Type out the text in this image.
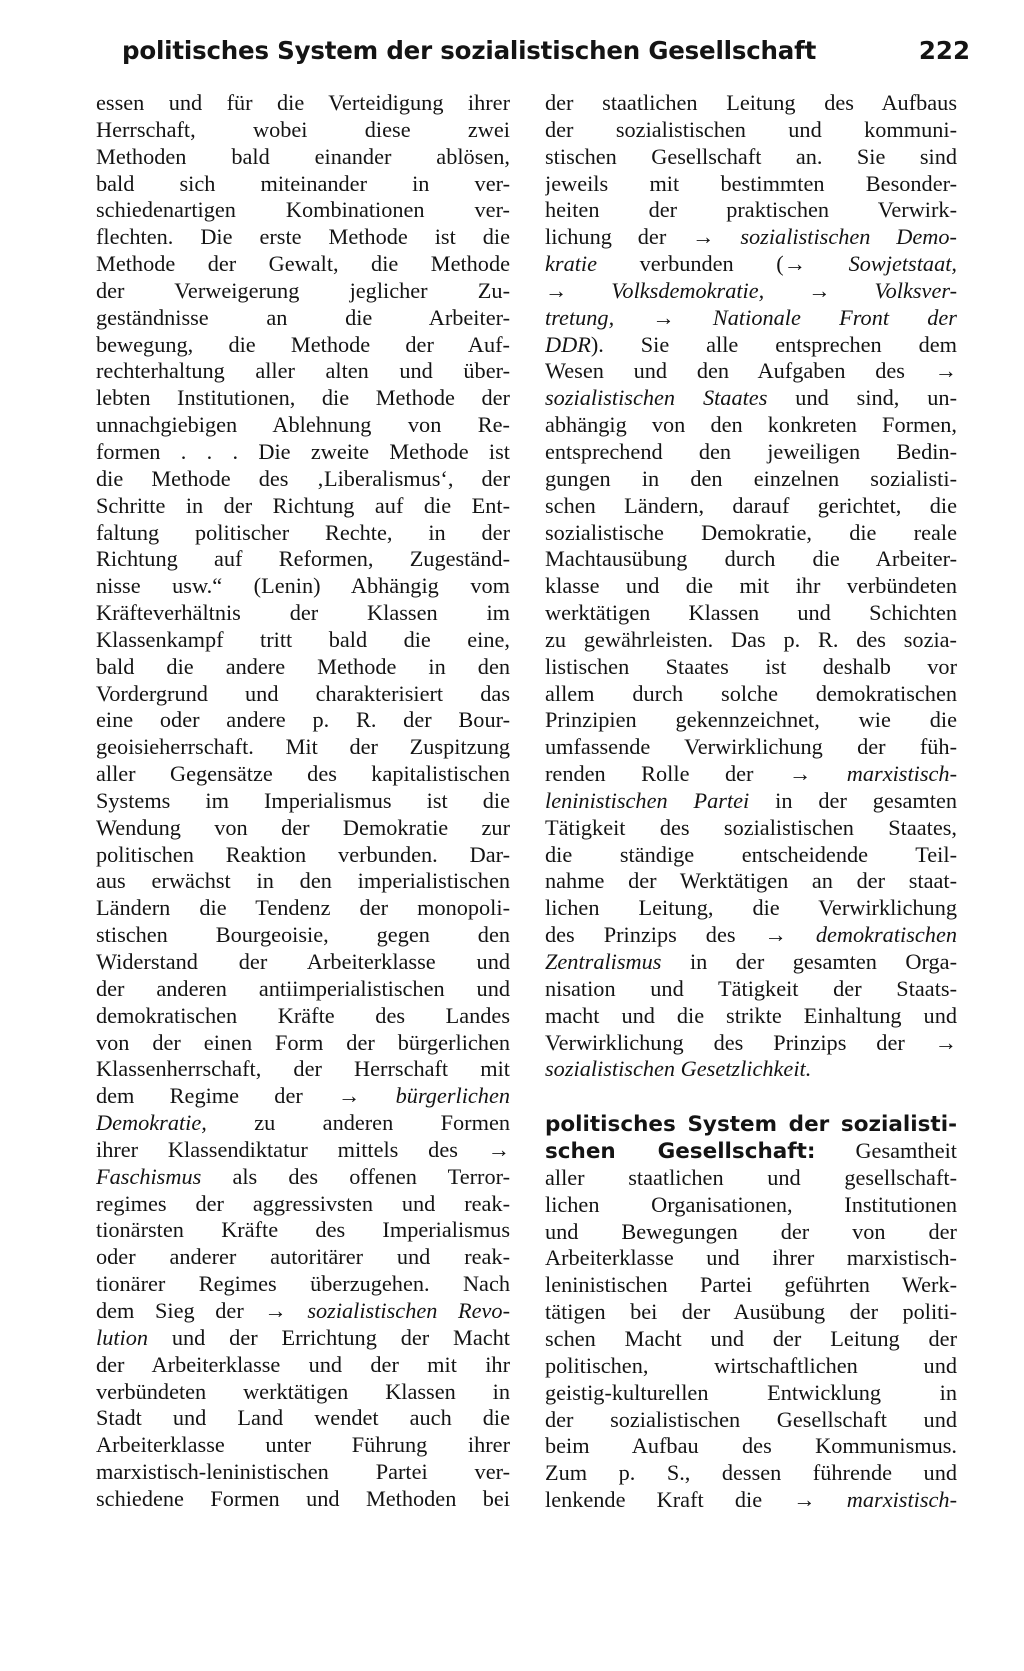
politisches System der sozialistischen Gesellschaft	222
essen und für die Verteidigung ihrer
Herrschaft, wobei diese zwei
Methoden bald einander ablösen,
bald sich miteinander in ver-
schiedenartigen Kombinationen ver-
flechten. Die erste Methode ist die
Methode der Gewalt, die Methode
der Verweigerung jeglicher Zu-
geständnisse an die Arbeiter-
bewegung, die Methode der Auf-
rechterhaltung aller alten und über-
lebten Institutionen, die Methode der
unnachgiebigen Ablehnung von Re-
formen . . . Die zweite Methode ist
die Methode des ‚Liberalismus‘, der
Schritte in der Richtung auf die Ent-
faltung politischer Rechte, in der
Richtung auf Reformen, Zugeständ-
nisse usw.“ (Lenin) Abhängig vom
Kräfteverhältnis der Klassen im
Klassenkampf tritt bald die eine,
bald die andere Methode in den
Vordergrund und charakterisiert das
eine oder andere p. R. der Bour-
geoisieherrschaft. Mit der Zuspitzung
aller Gegensätze des kapitalistischen
Systems im Imperialismus ist die
Wendung von der Demokratie zur
politischen Reaktion verbunden. Dar-
aus erwächst in den imperialistischen
Ländern die Tendenz der monopoli-
stischen Bourgeoisie, gegen den
Widerstand der Arbeiterklasse und
der anderen antiimperialistischen und
demokratischen Kräfte des Landes
von der einen Form der bürgerlichen
Klassenherrschaft, der Herrschaft mit
dem Regime der → bürgerlichen
Demokratie, zu anderen Formen
ihrer Klassendiktatur mittels des →
Faschismus als des offenen Terror-
regimes der aggressivsten und reak-
tionärsten Kräfte des Imperialismus
oder anderer autoritärer und reak-
tionärer Regimes überzugehen. Nach
dem Sieg der → sozialistischen Revo-
lution und der Errichtung der Macht
der Arbeiterklasse und der mit ihr
verbündeten werktätigen Klassen in
Stadt und Land wendet auch die
Arbeiterklasse unter Führung ihrer
marxistisch-leninistischen Partei ver-
schiedene Formen und Methoden bei
der staatlichen Leitung des Aufbaus
der sozialistischen und kommuni-
stischen Gesellschaft an. Sie sind
jeweils mit bestimmten Besonder-
heiten der praktischen Verwirk-
lichung der → sozialistischen Demo-
kratie verbunden (→ Sowjetstaat,
→ Volksdemokratie, → Volksver-
tretung, → Nationale Front der
DDR). Sie alle entsprechen dem
Wesen und den Aufgaben des →
sozialistischen Staates und sind, un-
abhängig von den konkreten Formen,
entsprechend den jeweiligen Bedin-
gungen in den einzelnen sozialisti-
schen Ländern, darauf gerichtet, die
sozialistische Demokratie, die reale
Machtausübung durch die Arbeiter-
klasse und die mit ihr verbündeten
werktätigen Klassen und Schichten
zu gewährleisten. Das p. R. des sozia-
listischen Staates ist deshalb vor
allem durch solche demokratischen
Prinzipien gekennzeichnet, wie die
umfassende Verwirklichung der füh-
renden Rolle der → marxistisch-
leninistischen Partei in der gesamten
Tätigkeit des sozialistischen Staates,
die ständige entscheidende Teil-
nahme der Werktätigen an der staat-
lichen Leitung, die Verwirklichung
des Prinzips des → demokratischen
Zentralismus in der gesamten Orga-
nisation und Tätigkeit der Staats-
macht und die strikte Einhaltung und
Verwirklichung des Prinzips der →
sozialistischen Gesetzlichkeit.
politisches System der sozialisti-
schen Gesellschaft: Gesamtheit
aller staatlichen und gesellschaft-
lichen Organisationen, Institutionen
und Bewegungen der von der
Arbeiterklasse und ihrer marxistisch-
leninistischen Partei geführten Werk-
tätigen bei der Ausübung der politi-
schen Macht und der Leitung der
politischen, wirtschaftlichen und
geistig-kulturellen Entwicklung in
der sozialistischen Gesellschaft und
beim Aufbau des Kommunismus.
Zum p. S., dessen führende und
lenkende Kraft die → marxistisch-
